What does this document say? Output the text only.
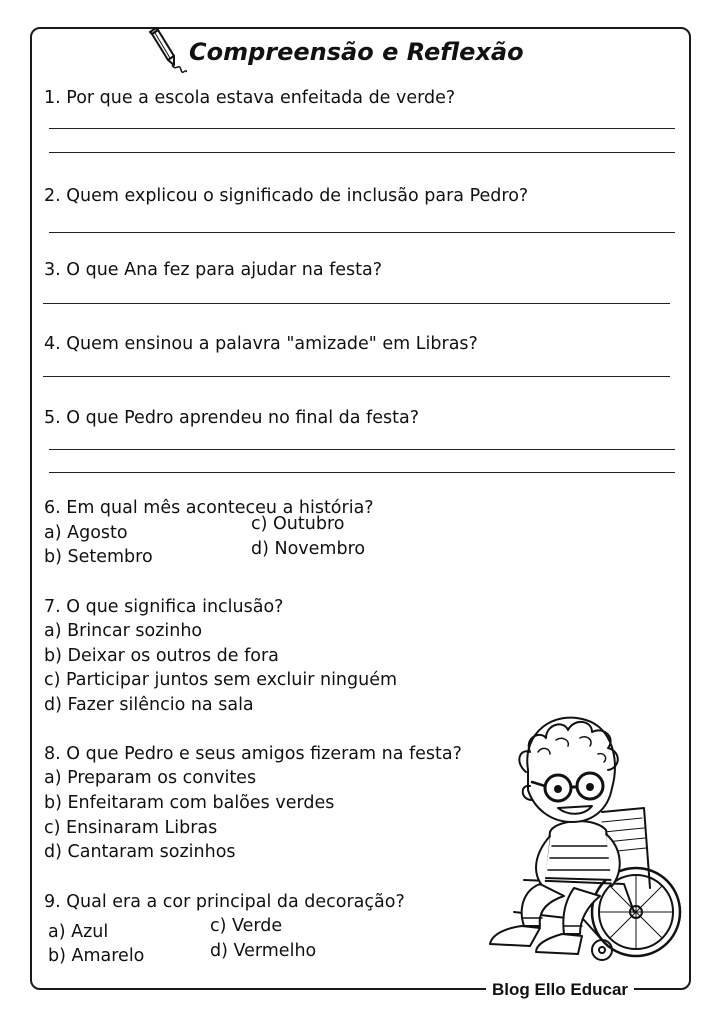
Compreensão e Reflexão
1. Por que a escola estava enfeitada de verde?
2. Quem explicou o significado de inclusão para Pedro?
3. O que Ana fez para ajudar na festa?
4. Quem ensinou a palavra "amizade" em Libras?
5. O que Pedro aprendeu no final da festa?
6. Em qual mês aconteceu a história?
a) Agosto
b) Setembro
c) Outubro
d) Novembro
7. O que significa inclusão?
a) Brincar sozinho
b) Deixar os outros de fora
c) Participar juntos sem excluir ninguém
d) Fazer silêncio na sala
8. O que Pedro e seus amigos fizeram na festa?
a) Preparam os convites
b) Enfeitaram com balões verdes
c) Ensinaram Libras
d) Cantaram sozinhos
9. Qual era a cor principal da decoração?
a) Azul
b) Amarelo
c) Verde
d) Vermelho
Blog Ello Educar
